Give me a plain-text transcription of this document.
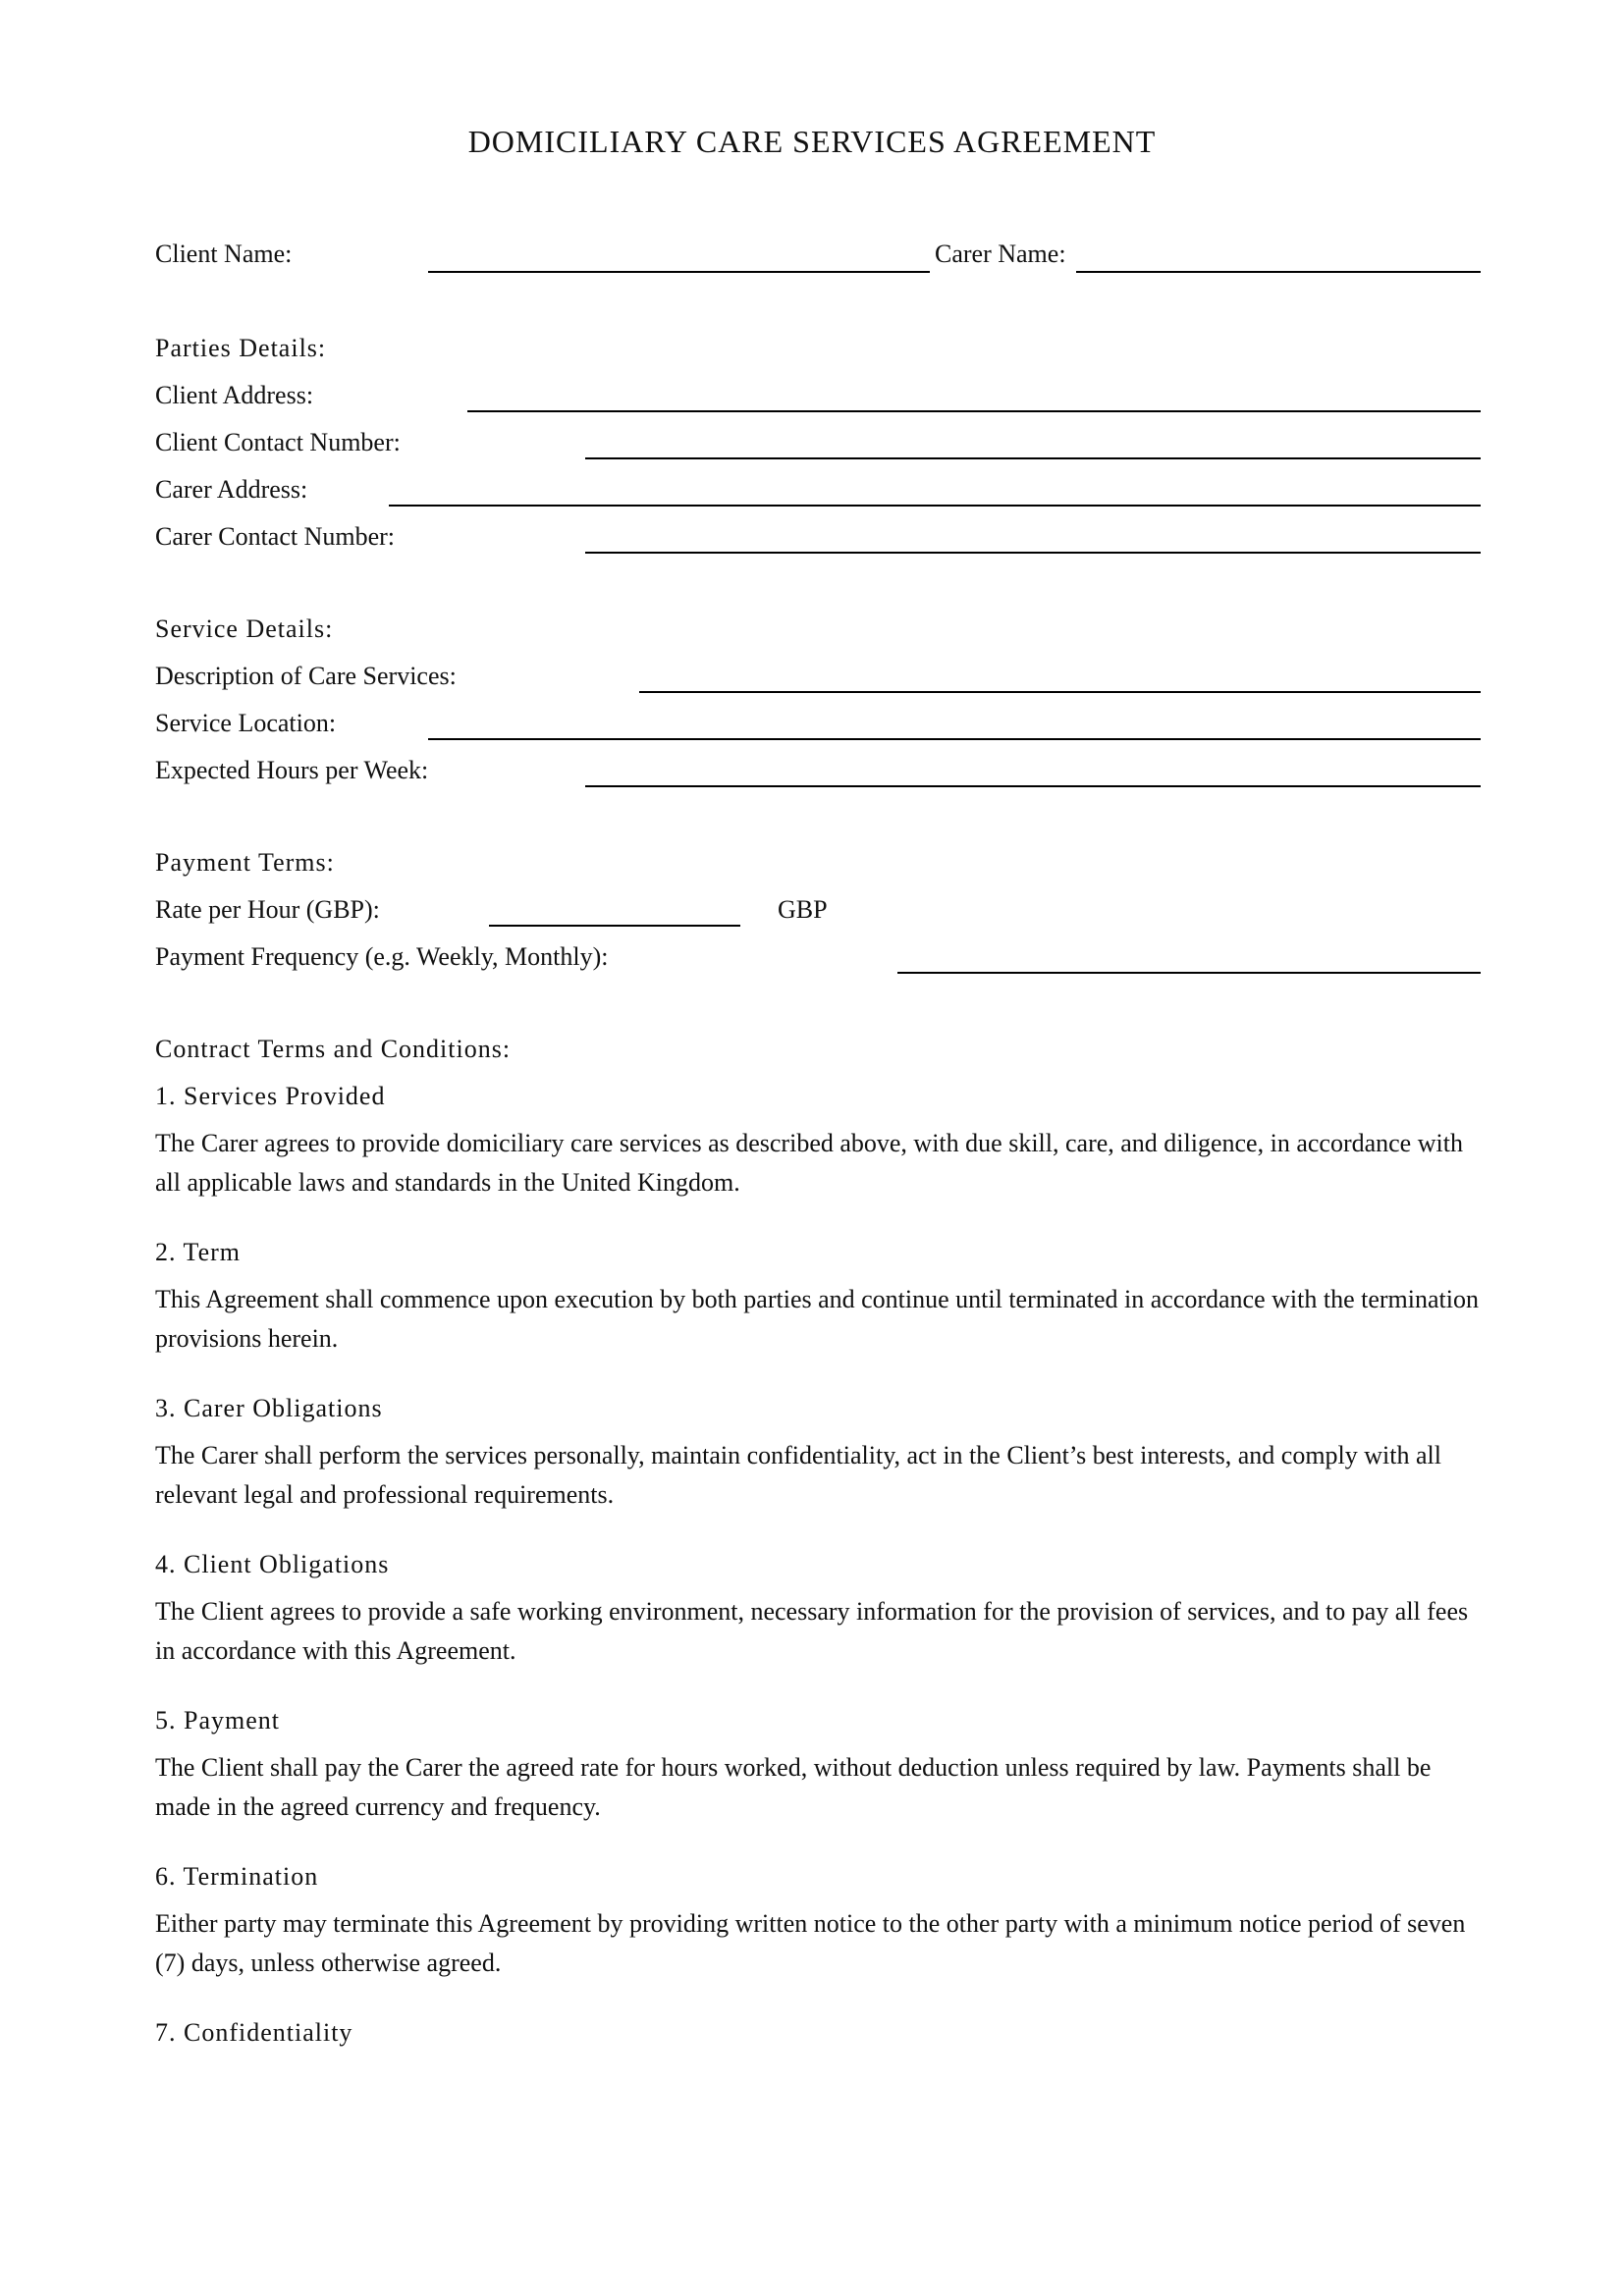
DOMICILIARY CARE SERVICES AGREEMENT
Client Name:	Carer Name:
Parties Details:
Client Address:
Client Contact Number:
Carer Address:
Carer Contact Number:
Service Details:
Description of Care Services:
Service Location:
Expected Hours per Week:
Payment Terms:
Rate per Hour (GBP):	GBP
Payment Frequency (e.g. Weekly, Monthly):
Contract Terms and Conditions:
1. Services Provided
The Carer agrees to provide domiciliary care services as described above, with due skill, care, and diligence, in accordance with all applicable laws and standards in the United Kingdom.
2. Term
This Agreement shall commence upon execution by both parties and continue until terminated in accordance with the termination provisions herein.
3. Carer Obligations
The Carer shall perform the services personally, maintain confidentiality, act in the Client’s best interests, and comply with all relevant legal and professional requirements.
4. Client Obligations
The Client agrees to provide a safe working environment, necessary information for the provision of services, and to pay all fees in accordance with this Agreement.
5. Payment
The Client shall pay the Carer the agreed rate for hours worked, without deduction unless required by law. Payments shall be made in the agreed currency and frequency.
6. Termination
Either party may terminate this Agreement by providing written notice to the other party with a minimum notice period of seven (7) days, unless otherwise agreed.
7. Confidentiality
